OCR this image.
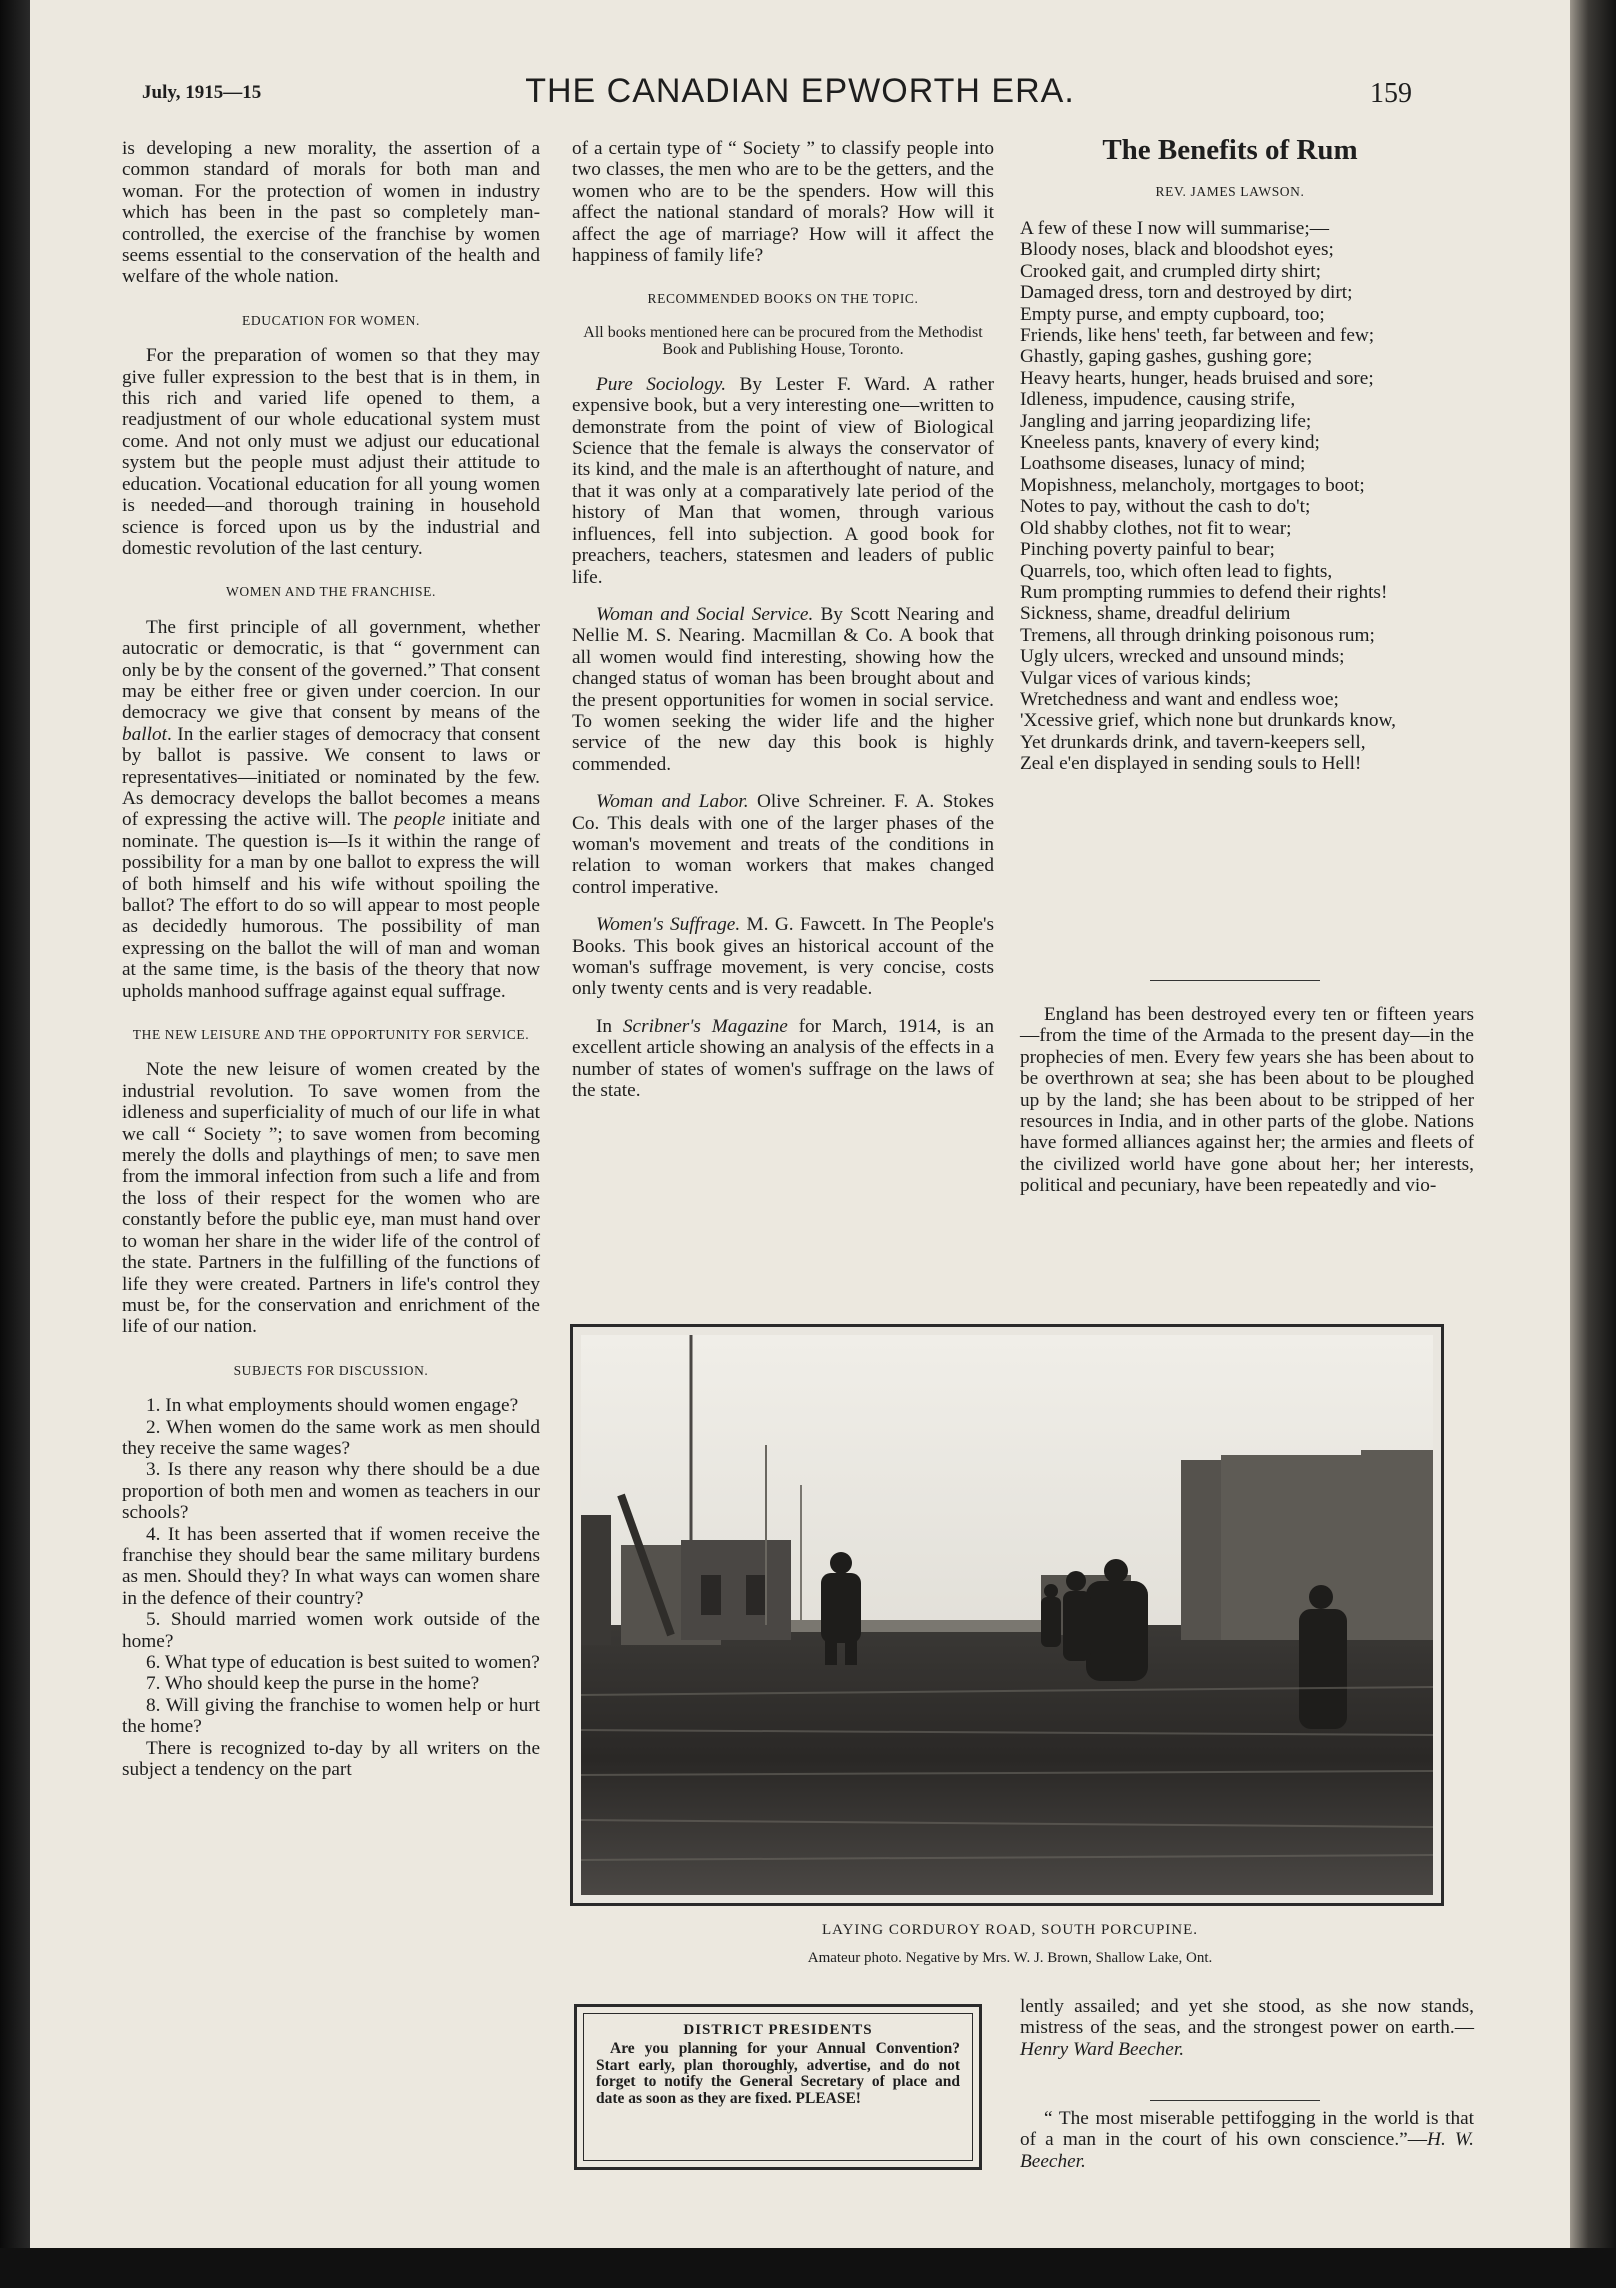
July, 1915—15	THE CANADIAN EPWORTH ERA.	159

is developing a new morality, the assertion of a common standard of morals for both man and woman. For the protection of women in industry which has been in the past so completely man-controlled, the exercise of the franchise by women seems essential to the conservation of the health and welfare of the whole nation.

EDUCATION FOR WOMEN.

For the preparation of women so that they may give fuller expression to the best that is in them, in this rich and varied life opened to them, a readjustment of our whole educational system must come. And not only must we adjust our educational system but the people must adjust their attitude to education. Vocational education for all young women is needed—and thorough training in household science is forced upon us by the industrial and domestic revolution of the last century.

WOMEN AND THE FRANCHISE.

The first principle of all government, whether autocratic or democratic, is that “ government can only be by the consent of the governed.” That consent may be either free or given under coercion. In our democracy we give that consent by means of the ballot. In the earlier stages of democracy that consent by ballot is passive. We consent to laws or representatives—initiated or nominated by the few. As democracy develops the ballot becomes a means of expressing the active will. The people initiate and nominate. The question is—Is it within the range of possibility for a man by one ballot to express the will of both himself and his wife without spoiling the ballot? The effort to do so will appear to most people as decidedly humorous. The possibility of man expressing on the ballot the will of man and woman at the same time, is the basis of the theory that now upholds manhood suffrage against equal suffrage.

THE NEW LEISURE AND THE OPPORTUNITY FOR SERVICE.

Note the new leisure of women created by the industrial revolution. To save women from the idleness and superficiality of much of our life in what we call “ Society ”; to save women from becoming merely the dolls and playthings of men; to save men from the immoral infection from such a life and from the loss of their respect for the women who are constantly before the public eye, man must hand over to woman her share in the wider life of the control of the state. Partners in the fulfilling of the functions of life they were created. Partners in life's control they must be, for the conservation and enrichment of the life of our nation.

SUBJECTS FOR DISCUSSION.

1. In what employments should women engage?

2. When women do the same work as men should they receive the same wages?

3. Is there any reason why there should be a due proportion of both men and women as teachers in our schools?

4. It has been asserted that if women receive the franchise they should bear the same military burdens as men. Should they? In what ways can women share in the defence of their country?

5. Should married women work outside of the home?

6. What type of education is best suited to women?

7. Who should keep the purse in the home?

8. Will giving the franchise to women help or hurt the home?

There is recognized to-day by all writers on the subject a tendency on the part

of a certain type of “ Society ” to classify people into two classes, the men who are to be the getters, and the women who are to be the spenders. How will this affect the national standard of morals? How will it affect the age of marriage? How will it affect the happiness of family life?

RECOMMENDED BOOKS ON THE TOPIC.
All books mentioned here can be procured from the Methodist Book and Publishing House, Toronto.

Pure Sociology. By Lester F. Ward. A rather expensive book, but a very interesting one—written to demonstrate from the point of view of Biological Science that the female is always the conservator of its kind, and the male is an afterthought of nature, and that it was only at a comparatively late period of the history of Man that women, through various influences, fell into subjection. A good book for preachers, teachers, statesmen and leaders of public life.

Woman and Social Service. By Scott Nearing and Nellie M. S. Nearing. Macmillan & Co. A book that all women would find interesting, showing how the changed status of woman has been brought about and the present opportunities for women in social service. To women seeking the wider life and the higher service of the new day this book is highly commended.

Woman and Labor. Olive Schreiner. F. A. Stokes Co. This deals with one of the larger phases of the woman's movement and treats of the conditions in relation to woman workers that makes changed control imperative.

Women's Suffrage. M. G. Fawcett. In The People's Books. This book gives an historical account of the woman's suffrage movement, is very concise, costs only twenty cents and is very readable.

In Scribner's Magazine for March, 1914, is an excellent article showing an analysis of the effects in a number of states of women's suffrage on the laws of the state.

The Benefits of Rum
REV. JAMES LAWSON.
A few of these I now will summarise;—
Bloody noses, black and bloodshot eyes;
Crooked gait, and crumpled dirty shirt;
Damaged dress, torn and destroyed by dirt;
Empty purse, and empty cupboard, too;
Friends, like hens' teeth, far between and few;
Ghastly, gaping gashes, gushing gore;
Heavy hearts, hunger, heads bruised and sore;
Idleness, impudence, causing strife,
Jangling and jarring jeopardizing life;
Kneeless pants, knavery of every kind;
Loathsome diseases, lunacy of mind;
Mopishness, melancholy, mortgages to boot;
Notes to pay, without the cash to do't;
Old shabby clothes, not fit to wear;
Pinching poverty painful to bear;
Quarrels, too, which often lead to fights,
Rum prompting rummies to defend their rights!
Sickness, shame, dreadful delirium
Tremens, all through drinking poisonous rum;
Ugly ulcers, wrecked and unsound minds;
Vulgar vices of various kinds;
Wretchedness and want and endless woe;
'Xcessive grief, which none but drunkards know,
Yet drunkards drink, and tavern-keepers sell,
Zeal e'en displayed in sending souls to Hell!

England has been destroyed every ten or fifteen years—from the time of the Armada to the present day—in the prophecies of men. Every few years she has been about to be overthrown at sea; she has been about to be ploughed up by the land; she has been about to be stripped of her resources in India, and in other parts of the globe. Nations have formed alliances against her; the armies and fleets of the civilized world have gone about her; her interests, political and pecuniary, have been repeatedly and vio-

LAYING CORDUROY ROAD, SOUTH PORCUPINE.
Amateur photo. Negative by Mrs. W. J. Brown, Shallow Lake, Ont.
DISTRICT PRESIDENTS
Are you planning for your Annual Convention? Start early, plan thoroughly, advertise, and do not forget to notify the General Secretary of place and date as soon as they are fixed. PLEASE!

lently assailed; and yet she stood, as she now stands, mistress of the seas, and the strongest power on earth.—Henry Ward Beecher.

“ The most miserable pettifogging in the world is that of a man in the court of his own conscience.”—H. W. Beecher.
